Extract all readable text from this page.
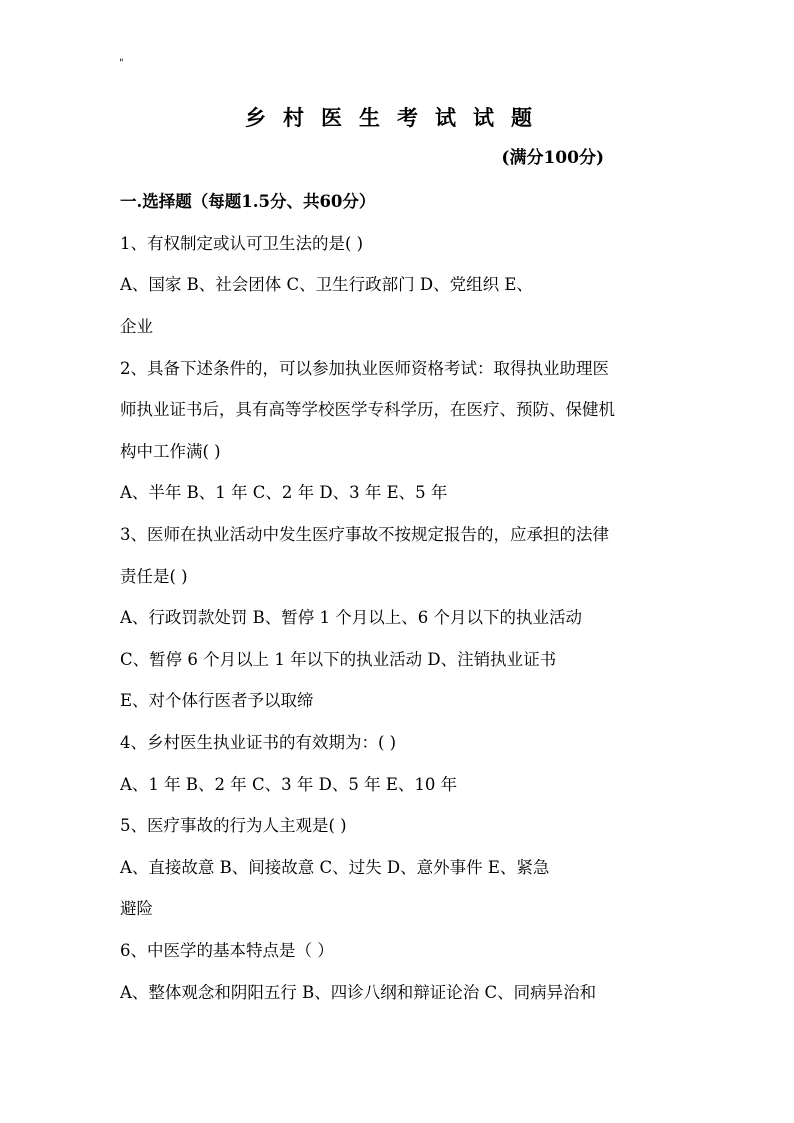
"
乡村医生考试试题
(满分100分)
一.选择题（每题1.5分、共60分）
1、有权制定或认可卫生法的是( )
A、国家 B、社会团体 C、卫生行政部门 D、党组织 E、
企业
2、具备下述条件的，可以参加执业医师资格考试：取得执业助理医
师执业证书后，具有高等学校医学专科学历，在医疗、预防、保健机
构中工作满( )
A、半年 B、1 年 C、2 年 D、3 年 E、5 年
3、医师在执业活动中发生医疗事故不按规定报告的，应承担的法律
责任是( )
A、行政罚款处罚 B、暂停 1 个月以上、6 个月以下的执业活动
C、暂停 6 个月以上 1 年以下的执业活动 D、注销执业证书
E、对个体行医者予以取缔
4、乡村医生执业证书的有效期为：( )
A、1 年 B、2 年 C、3 年 D、5 年 E、10 年
5、医疗事故的行为人主观是( )
A、直接故意 B、间接故意 C、过失 D、意外事件 E、紧急
避险
6、中医学的基本特点是（ ）
A、整体观念和阴阳五行 B、四诊八纲和辩证论治 C、同病异治和
